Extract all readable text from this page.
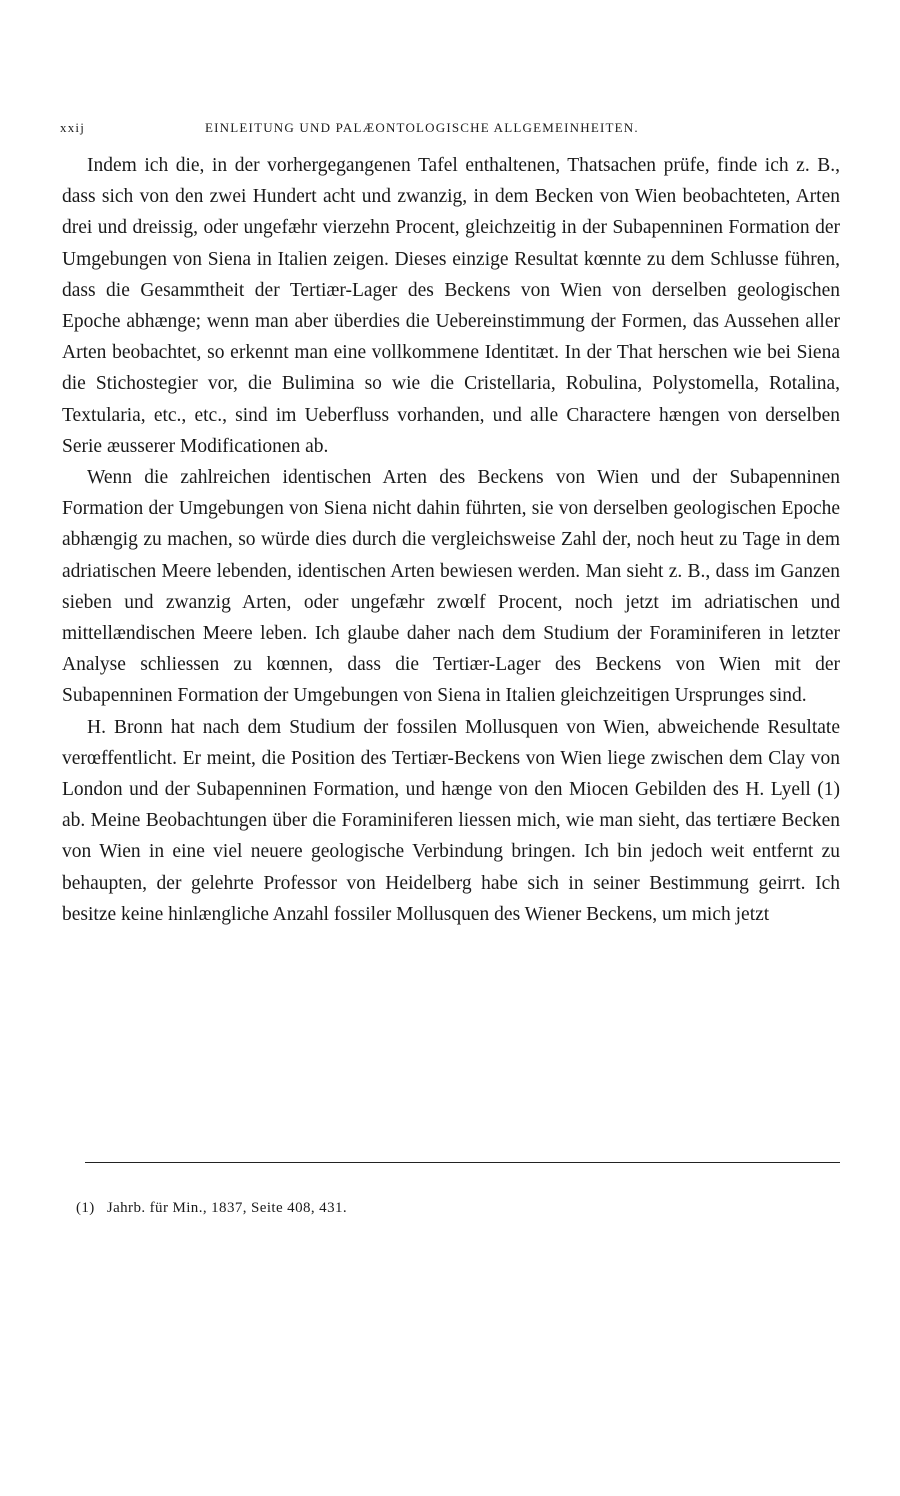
xxij	EINLEITUNG UND PALÆONTOLOGISCHE ALLGEMEINHEITEN.

Indem ich die, in der vorhergegangenen Tafel enthaltenen, Thatsachen prüfe, finde ich z. B., dass sich von den zwei Hundert acht und zwanzig, in dem Becken von Wien beobachteten, Arten drei und dreissig, oder ungefæhr vierzehn Procent, gleichzeitig in der Subapenninen Formation der Umgebungen von Siena in Italien zeigen. Dieses einzige Resultat kœnnte zu dem Schlusse führen, dass die Gesammtheit der Tertiær-Lager des Beckens von Wien von derselben geologischen Epoche abhænge; wenn man aber überdies die Uebereinstimmung der Formen, das Aussehen aller Arten beobachtet, so erkennt man eine vollkommene Identitæt. In der That herschen wie bei Siena die Stichostegier vor, die Bulimina so wie die Cristellaria, Robulina, Polystomella, Rotalina, Textularia, etc., etc., sind im Ueberfluss vorhanden, und alle Charactere hængen von derselben Serie æusserer Modificationen ab.

Wenn die zahlreichen identischen Arten des Beckens von Wien und der Subapenninen Formation der Umgebungen von Siena nicht dahin führten, sie von derselben geologischen Epoche abhængig zu machen, so würde dies durch die vergleichsweise Zahl der, noch heut zu Tage in dem adriatischen Meere lebenden, identischen Arten bewiesen werden. Man sieht z. B., dass im Ganzen sieben und zwanzig Arten, oder ungefæhr zwœlf Procent, noch jetzt im adriatischen und mittellændischen Meere leben. Ich glaube daher nach dem Studium der Foraminiferen in letzter Analyse schliessen zu kœnnen, dass die Tertiær-Lager des Beckens von Wien mit der Subapenninen Formation der Umgebungen von Siena in Italien gleichzeitigen Ursprunges sind.

H. Bronn hat nach dem Studium der fossilen Mollusquen von Wien, abweichende Resultate verœffentlicht. Er meint, die Position des Tertiær-Beckens von Wien liege zwischen dem Clay von London und der Subapenninen Formation, und hænge von den Miocen Gebilden des H. Lyell (1) ab. Meine Beobachtungen über die Foraminiferen liessen mich, wie man sieht, das tertiære Becken von Wien in eine viel neuere geologische Verbindung bringen. Ich bin jedoch weit entfernt zu behaupten, der gelehrte Professor von Heidelberg habe sich in seiner Bestimmung geirrt. Ich besitze keine hinlængliche Anzahl fossiler Mollusquen des Wiener Beckens, um mich jetzt

(1) Jahrb. für Min., 1837, Seite 408, 431.
